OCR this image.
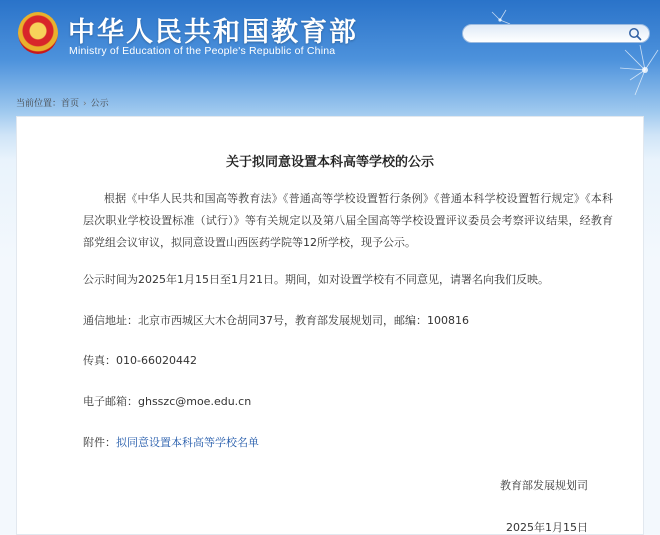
中华人民共和国教育部
Ministry of Education of the People's Republic of China
当前位置：首页 › 公示
关于拟同意设置本科高等学校的公示
根据《中华人民共和国高等教育法》《普通高等学校设置暂行条例》《普通本科学校设置暂行规定》《本科层次职业学校设置标准（试行）》等有关规定以及第八届全国高等学校设置评议委员会考察评议结果，经教育部党组会议审议，拟同意设置山西医药学院等12所学校，现予公示。
公示时间为2025年1月15日至1月21日。期间，如对设置学校有不同意见，请署名向我们反映。
通信地址：北京市西城区大木仓胡同37号，教育部发展规划司，邮编：100816
传真：010-66020442
电子邮箱：ghsszc@moe.edu.cn
附件：拟同意设置本科高等学校名单
教育部发展规划司
2025年1月15日
